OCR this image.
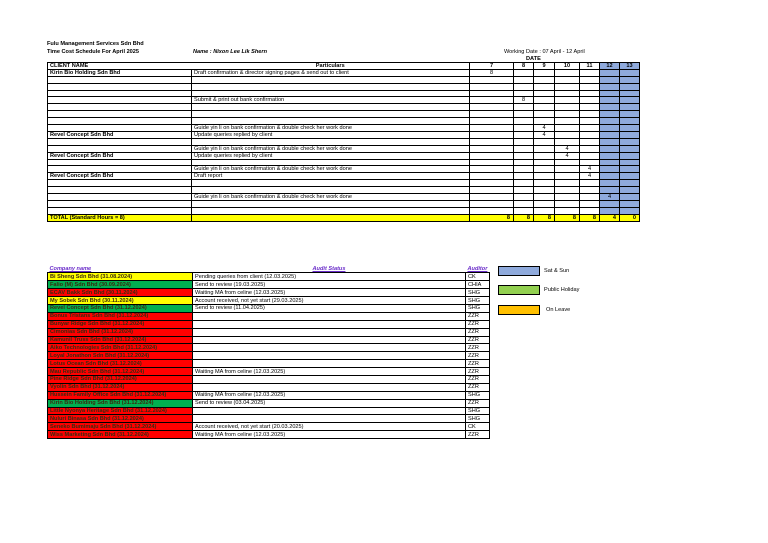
Fulu Management Services Sdn Bhd
Time Cost Schedule For April 2025	Name : Nixon Lee Lik Shern	Working Date : 07 April - 12 April
DATE
CLIENT NAME	Particulars	7	8	9	10	11	12	13
Kirin Bio Holding Sdn Bhd	Draft confirmation & director signing pages & send out to client	8						

	Submit & print out bank confirmation		8					

	Guide yin li on bank confirmation & double check her work done			4				
Revel Concept Sdn Bhd	Update queries replied by client			4				

	Guide yin li on bank confirmation & double check her work done				4			
Revel Concept Sdn Bhd	Update queries replied by client				4			

	Guide yin li on bank confirmation & double check her work done					4		
Revel Concept Sdn Bhd	Draft report					4		

	Guide yin li on bank confirmation & double check her work done						4	

TOTAL (Standard Hours = 8)		8	8	8	8	8	4	0
Company name	Audit Status	Auditor
Bi Sheng Sdn Bhd (31.08.2024)	Pending queries from client (12.03.2025)	CK
Falio (M) Sdn Bhd (30.09.2024)	Send to review (19.03.2025)	CHIA
ECAV Bakk Sdn Bhd (30.11.2024)	Waiting MA from celine (12.03.2025)	SHG
My Sobek Sdn Bhd (30.11.2024)	Account received, not yet start (29.03.2025)	SHG
Revel Concept Sdn Bhd (31.12.2024)	Send to review (11.04.2025)	SHG
Bonus Tristans Sdn Bhd (31.12.2024)		ZZR
Bunyar Ridge Sdn Bhd (31.12.2024)		ZZR
Cimonias Sdn Bhd (31.12.2024)		ZZR
Kamunil Truss Sdn Bhd (31.12.2024)		ZZR
Aiko Technologies Sdn Bhd (31.12.2024)		ZZR
Loyal Jonathon Sdn Bhd (31.12.2024)		ZZR
Lotus Ocean Sdn Bhd (31.12.2024)		ZZR
Mau Republic Sdn Bhd (31.12.2024)	Waiting MA from celine (12.03.2025)	ZZR
Pine Ridge Sdn Bhd (31.12.2024)		ZZR
Vyolin Sdn Bhd (31.12.2024)		ZZR
Hussein Family Office Sdn Bhd (31.12.2024)	Waiting MA from celine (12.03.2025)	SHG
Kirin Bio Holding Sdn Bhd (31.12.2024)	Send to review (03.04.2025)	ZZR
Little Nyonya Heritage Sdn Bhd (31.12.2024)		SHG
Nuluri Binasa Sdn Bhd (31.12.2024)		SHG
Seneko Bumimaju Sdn Bhd (31.12.2024)	Account received, not yet start (20.03.2025)	CK
Wiss Marketing Sdn Bhd (31.12.2024)	Waiting MA from celine (12.03.2025)	ZZR
Sat & Sun
Public Holiday
On Leave
